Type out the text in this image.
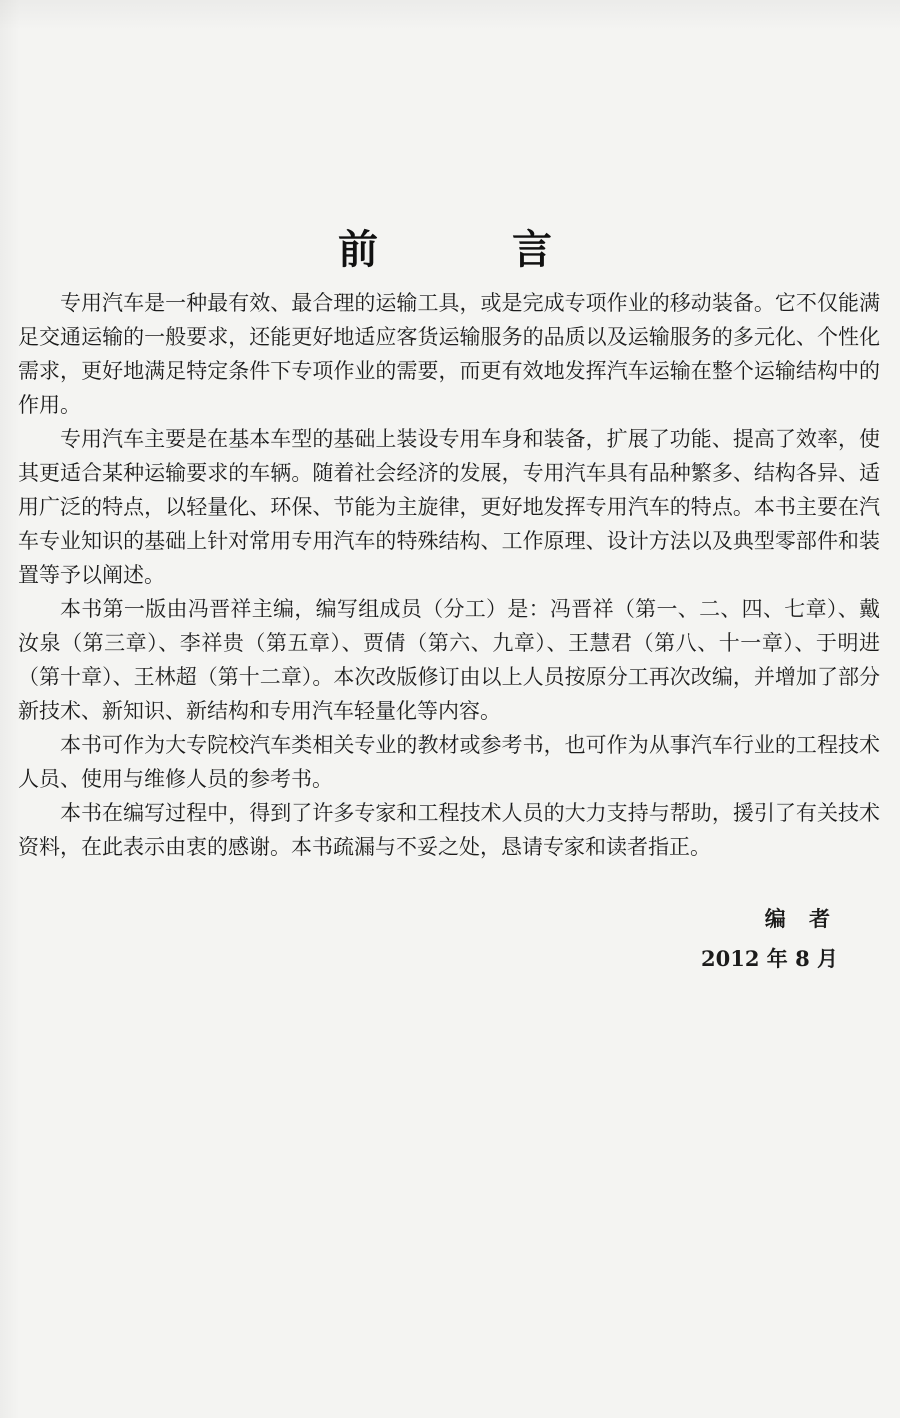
前 言

专用汽车是一种最有效、最合理的运输工具，或是完成专项作业的移动装备。它不仅能满足交通运输的一般要求，还能更好地适应客货运输服务的品质以及运输服务的多元化、个性化需求，更好地满足特定条件下专项作业的需要，而更有效地发挥汽车运输在整个运输结构中的作用。

专用汽车主要是在基本车型的基础上装设专用车身和装备，扩展了功能、提高了效率，使其更适合某种运输要求的车辆。随着社会经济的发展，专用汽车具有品种繁多、结构各异、适用广泛的特点，以轻量化、环保、节能为主旋律，更好地发挥专用汽车的特点。本书主要在汽车专业知识的基础上针对常用专用汽车的特殊结构、工作原理、设计方法以及典型零部件和装置等予以阐述。

本书第一版由冯晋祥主编，编写组成员（分工）是：冯晋祥（第一、二、四、七章）、戴汝泉（第三章）、李祥贵（第五章）、贾倩（第六、九章）、王慧君（第八、十一章）、于明进（第十章）、王林超（第十二章）。本次改版修订由以上人员按原分工再次改编，并增加了部分新技术、新知识、新结构和专用汽车轻量化等内容。

本书可作为大专院校汽车类相关专业的教材或参考书，也可作为从事汽车行业的工程技术人员、使用与维修人员的参考书。

本书在编写过程中，得到了许多专家和工程技术人员的大力支持与帮助，援引了有关技术资料，在此表示由衷的感谢。本书疏漏与不妥之处，恳请专家和读者指正。

编 者
2012 年 8 月
